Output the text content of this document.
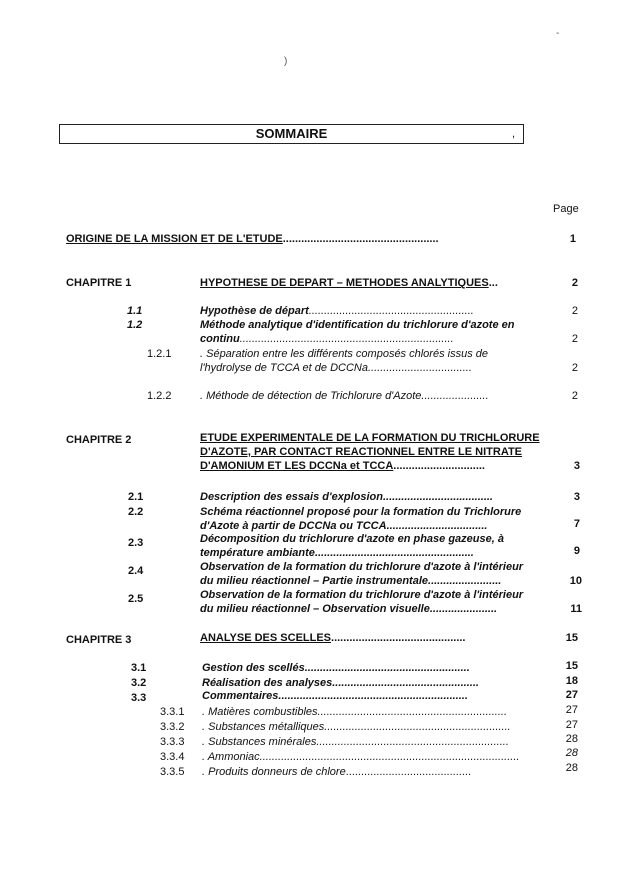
)
-
SOMMAIRE	,
Page
ORIGINE DE LA MISSION ET DE L'ETUDE...................................................	1
CHAPITRE 1	HYPOTHESE DE DEPART – METHODES ANALYTIQUES...	2
1.1	Hypothèse de départ......................................................	2
1.2	Méthode analytique d'identification du trichlorure d'azote en
continu......................................................................	2
1.2.1	. Séparation entre les différents composés chlorés issus de
l'hydrolyse de TCCA et de DCCNa..................................	2
1.2.2	. Méthode de détection de Trichlorure d'Azote......................	2
CHAPITRE 2	ETUDE EXPERIMENTALE DE LA FORMATION DU TRICHLORURE
D'AZOTE, PAR CONTACT REACTIONNEL ENTRE LE NITRATE
D'AMONIUM ET LES DCCNa et TCCA..............................	3
2.1	Description des essais d'explosion....................................	3
2.2	Schéma réactionnel proposé pour la formation du Trichlorure
d'Azote à partir de DCCNa ou TCCA.................................	7
2.3	Décomposition du trichlorure d'azote en phase gazeuse, à
température ambiante....................................................	9
2.4	Observation de la formation du trichlorure d'azote à l'intérieur
du milieu réactionnel – Partie instrumentale........................	10
2.5	Observation de la formation du trichlorure d'azote à l'intérieur
du milieu réactionnel – Observation visuelle......................	11
CHAPITRE 3	ANALYSE DES SCELLES............................................	15
3.1	Gestion des scellés......................................................	15
3.2	Réalisation des analyses................................................	18
3.3	Commentaires..............................................................	27
3.3.1 . Matières combustibles..............................................................	27
3.3.2 . Substances métalliques.............................................................	27
3.3.3 . Substances minérales...............................................................	28
3.3.4 . Ammoniac.....................................................................................	28
3.3.5 . Produits donneurs de chlore.........................................	28
